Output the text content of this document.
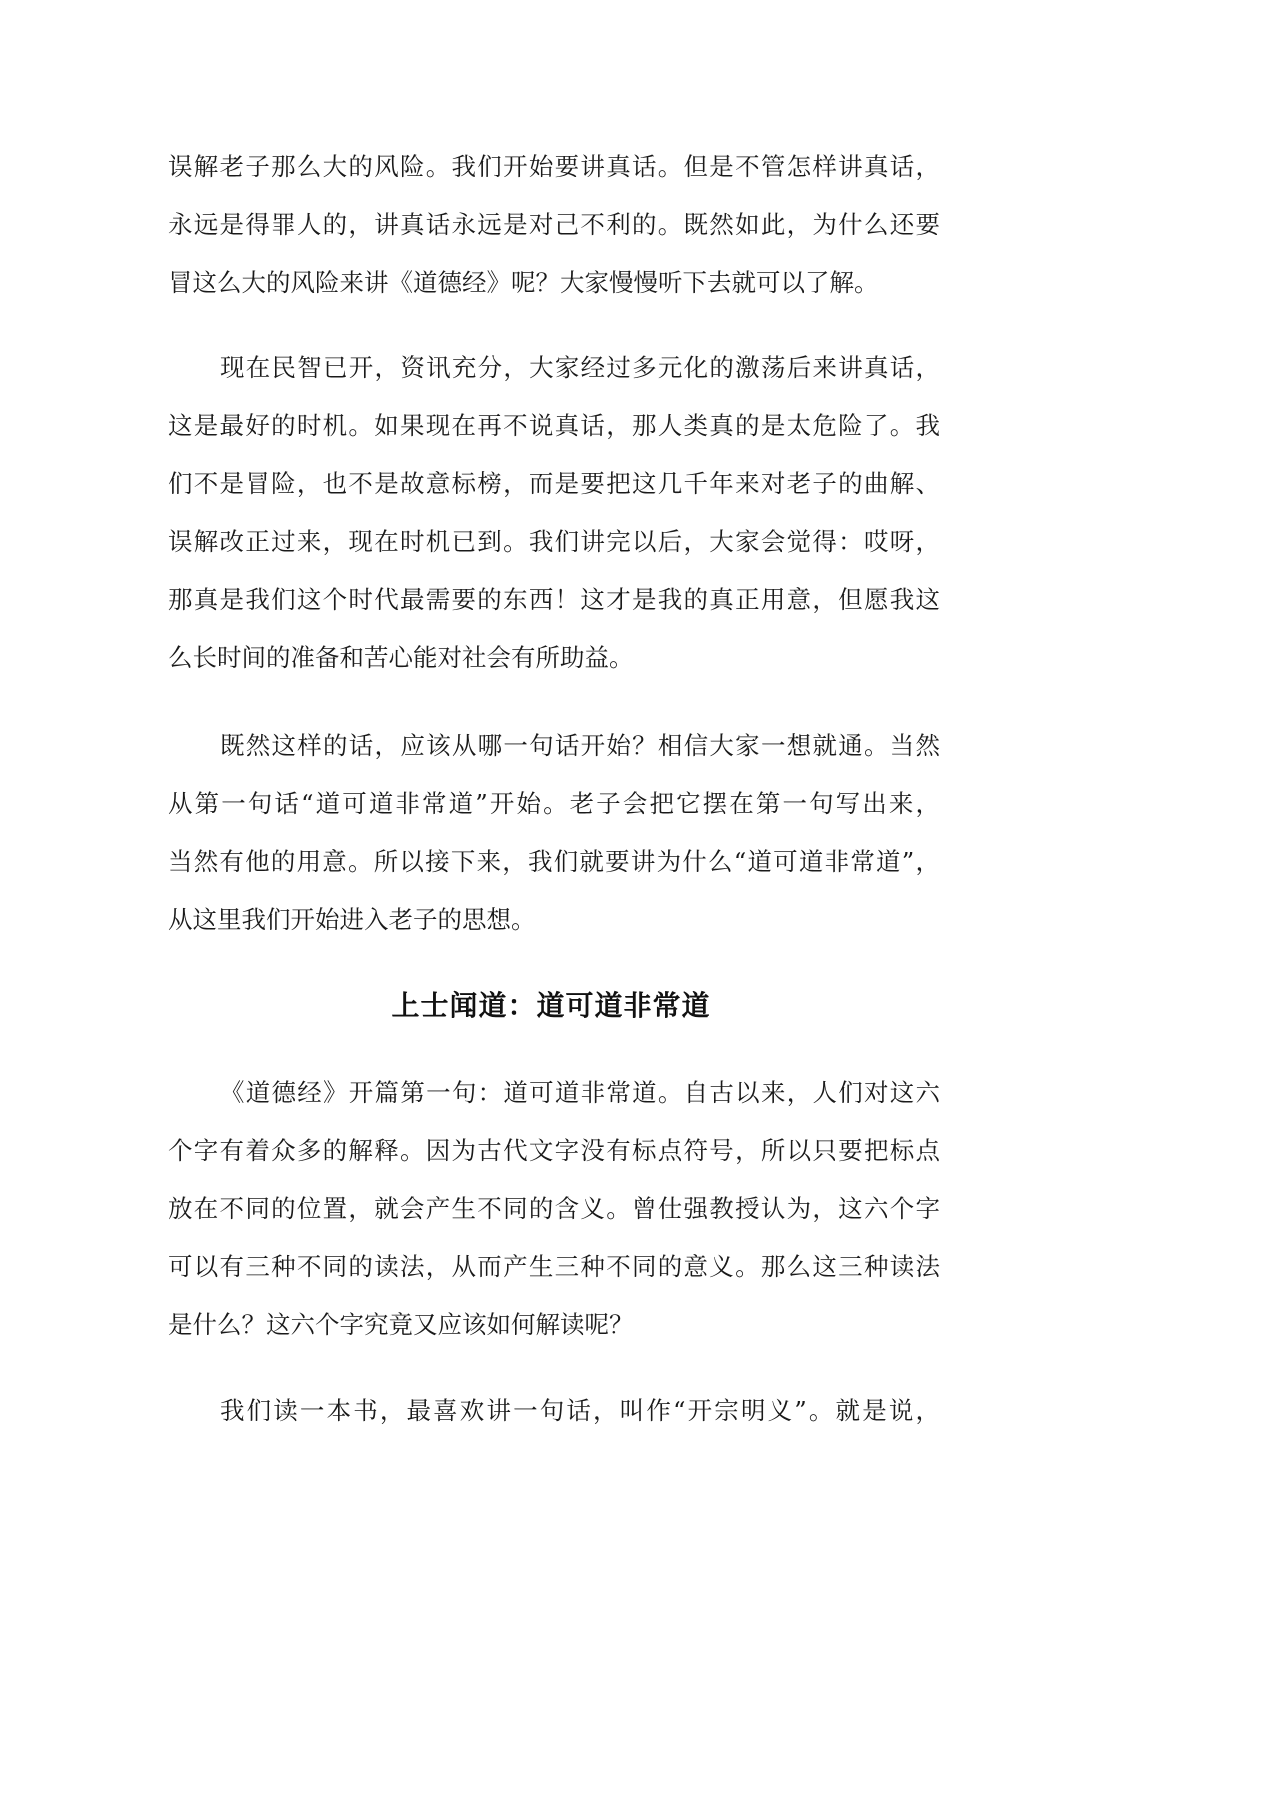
误解老子那么大的风险。我们开始要讲真话。但是不管怎样讲真话，
永远是得罪人的，讲真话永远是对己不利的。既然如此，为什么还要
冒这么大的风险来讲《道德经》呢？大家慢慢听下去就可以了解。
现在民智已开，资讯充分，大家经过多元化的激荡后来讲真话，
这是最好的时机。如果现在再不说真话，那人类真的是太危险了。我
们不是冒险，也不是故意标榜，而是要把这几千年来对老子的曲解、
误解改正过来，现在时机已到。我们讲完以后，大家会觉得：哎呀，
那真是我们这个时代最需要的东西！这才是我的真正用意，但愿我这
么长时间的准备和苦心能对社会有所助益。
既然这样的话，应该从哪一句话开始？相信大家一想就通。当然
从第一句话“道可道非常道”开始。老子会把它摆在第一句写出来，
当然有他的用意。所以接下来，我们就要讲为什么“道可道非常道”，
从这里我们开始进入老子的思想。
上士闻道：道可道非常道
《道德经》开篇第一句：道可道非常道。自古以来，人们对这六
个字有着众多的解释。因为古代文字没有标点符号，所以只要把标点
放在不同的位置，就会产生不同的含义。曾仕强教授认为，这六个字
可以有三种不同的读法，从而产生三种不同的意义。那么这三种读法
是什么？这六个字究竟又应该如何解读呢？
我们读一本书，最喜欢讲一句话，叫作“开宗明义”。就是说，
